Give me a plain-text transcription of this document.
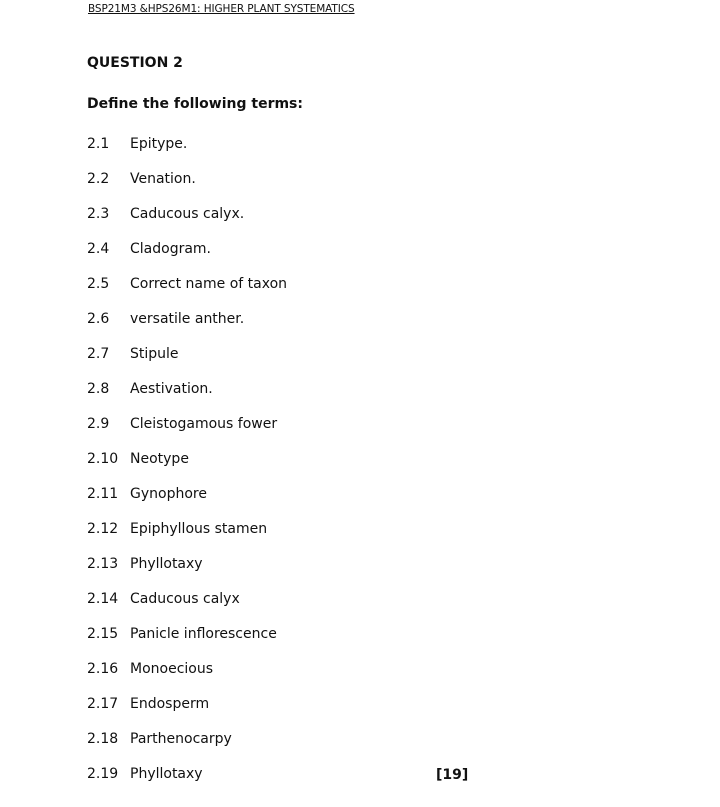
BSP21M3 &HPS26M1: HIGHER PLANT SYSTEMATICS
QUESTION 2
Define the following terms:
2.1 Epitype.
2.2 Venation.
2.3 Caducous calyx.
2.4 Cladogram.
2.5 Correct name of taxon
2.6 versatile anther.
2.7 Stipule
2.8 Aestivation.
2.9 Cleistogamous fower
2.10 Neotype
2.11 Gynophore
2.12 Epiphyllous stamen
2.13 Phyllotaxy
2.14 Caducous calyx
2.15 Panicle inflorescence
2.16 Monoecious
2.17 Endosperm
2.18 Parthenocarpy
2.19 Phyllotaxy	[19]
